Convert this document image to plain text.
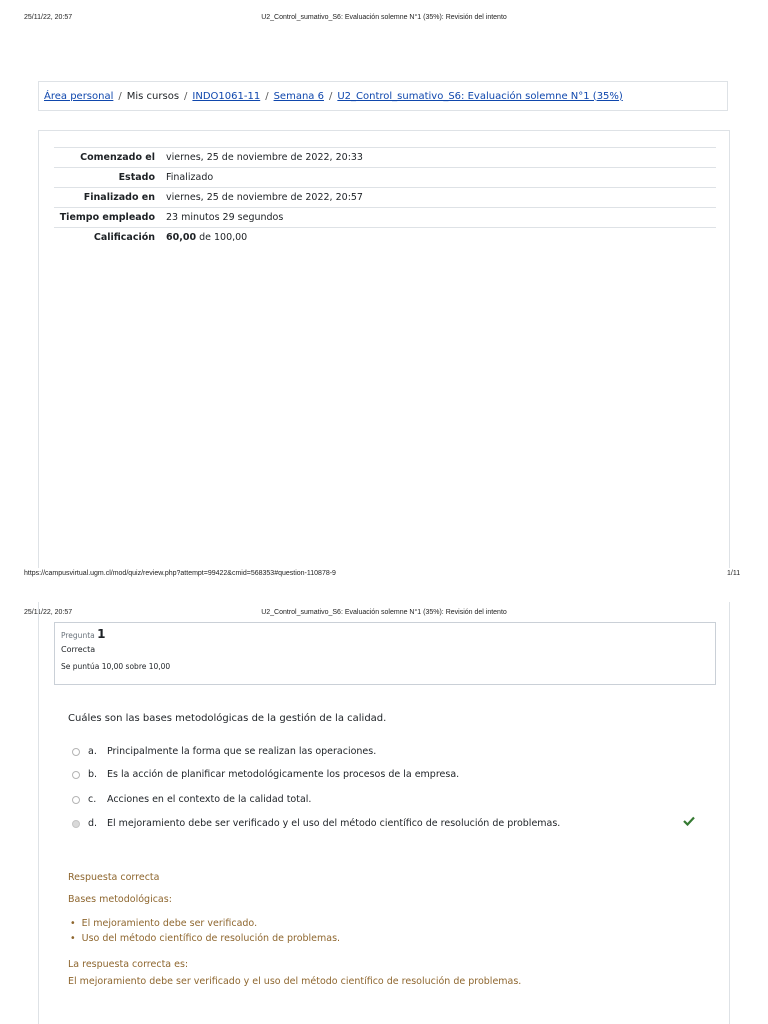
25/11/22, 20:57	U2_Control_sumativo_S6: Evaluación solemne N°1 (35%): Revisión del intento
Área personal / Mis cursos / INDO1061-11 / Semana 6 / U2_Control_sumativo_S6: Evaluación solemne N°1 (35%)
Comenzado el	viernes, 25 de noviembre de 2022, 20:33
Estado	Finalizado
Finalizado en	viernes, 25 de noviembre de 2022, 20:57
Tiempo empleado	23 minutos 29 segundos
Calificación	60,00 de 100,00
https://campusvirtual.ugm.cl/mod/quiz/review.php?attempt=99422&cmid=568353#question-110878-9	1/11
25/11/22, 20:57	U2_Control_sumativo_S6: Evaluación solemne N°1 (35%): Revisión del intento
Pregunta 1
Correcta
Se puntúa 10,00 sobre 10,00
Cuáles son las bases metodológicas de la gestión de la calidad.
a.	Principalmente la forma que se realizan las operaciones.
b.	Es la acción de planificar metodológicamente los procesos de la empresa.
c.	Acciones en el contexto de la calidad total.
d.	El mejoramiento debe ser verificado y el uso del método científico de resolución de problemas.
Respuesta correcta
Bases metodológicas:
• El mejoramiento debe ser verificado.
• Uso del método científico de resolución de problemas.
La respuesta correcta es:
El mejoramiento debe ser verificado y el uso del método científico de resolución de problemas.
